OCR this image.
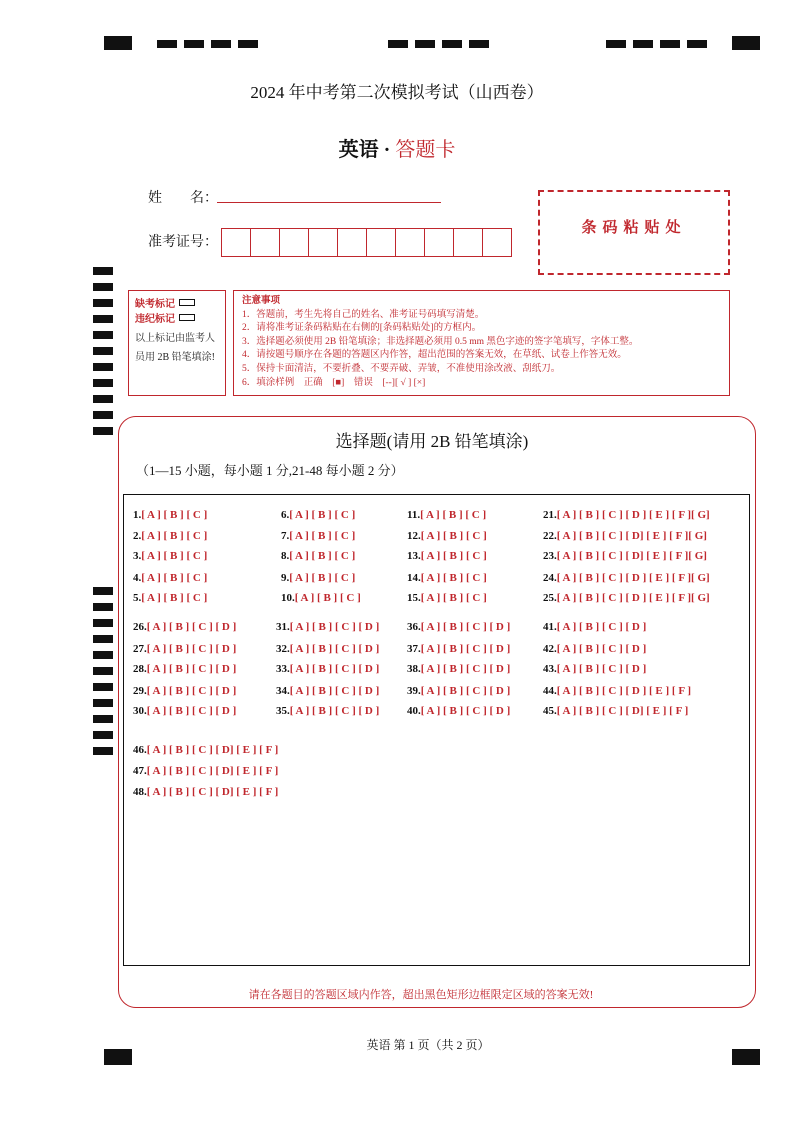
2024 年中考第二次模拟考试（山西卷）
英语 · 答题卡
姓　　名：
准考证号：
条码粘贴处
缺考标记
违纪标记
以上标记由监考人员用 2B 铅笔填涂!
注意事项
1．答题前，考生先将自己的姓名、准考证号码填写清楚。
2．请将准考证条码粘贴在右侧的[条码粘贴处]的方框内。
3．选择题必须使用 2B 铅笔填涂；非选择题必须用 0.5 mm 黑色字迹的签字笔填写，字体工整。
4．请按题号顺序在各题的答题区内作答，超出范围的答案无效，在草纸、试卷上作答无效。
5．保持卡面清洁，不要折叠、不要弄破、弄皱，不准使用涂改液、刮纸刀。
6．填涂样例　正确　[■]　错误　[--][ √ ] [×]
选择题(请用 2B 铅笔填涂)
（1—15 小题，每小题 1 分,21-48 每小题 2 分）
1.[ A ] [ B ] [ C ]
2.[ A ] [ B ] [ C ]
3.[ A ] [ B ] [ C ]
4.[ A ] [ B ] [ C ]
5.[ A ] [ B ] [ C ]
6.[ A ] [ B ] [ C ]
7.[ A ] [ B ] [ C ]
8.[ A ] [ B ] [ C ]
9.[ A ] [ B ] [ C ]
10.[ A ] [ B ] [ C ]
11.[ A ] [ B ] [ C ]
12.[ A ] [ B ] [ C ]
13.[ A ] [ B ] [ C ]
14.[ A ] [ B ] [ C ]
15.[ A ] [ B ] [ C ]
21.[ A ] [ B ] [ C ] [ D ] [ E ] [ F ][ G]
22.[ A ] [ B ] [ C ] [ D] [ E ] [ F ][ G]
23.[ A ] [ B ] [ C ] [ D] [ E ] [ F ][ G]
24.[ A ] [ B ] [ C ] [ D ] [ E ] [ F ][ G]
25.[ A ] [ B ] [ C ] [ D ] [ E ] [ F ][ G]
26.[ A ] [ B ] [ C ] [ D ]
27.[ A ] [ B ] [ C ] [ D ]
28.[ A ] [ B ] [ C ] [ D ]
29.[ A ] [ B ] [ C ] [ D ]
30.[ A ] [ B ] [ C ] [ D ]
31.[ A ] [ B ] [ C ] [ D ]
32.[ A ] [ B ] [ C ] [ D ]
33.[ A ] [ B ] [ C ] [ D ]
34.[ A ] [ B ] [ C ] [ D ]
35.[ A ] [ B ] [ C ] [ D ]
36.[ A ] [ B ] [ C ] [ D ]
37.[ A ] [ B ] [ C ] [ D ]
38.[ A ] [ B ] [ C ] [ D ]
39.[ A ] [ B ] [ C ] [ D ]
40.[ A ] [ B ] [ C ] [ D ]
41.[ A ] [ B ] [ C ] [ D ]
42.[ A ] [ B ] [ C ] [ D ]
43.[ A ] [ B ] [ C ] [ D ]
44.[ A ] [ B ] [ C ] [ D ] [ E ] [ F ]
45.[ A ] [ B ] [ C ] [ D] [ E ] [ F ]
46.[ A ] [ B ] [ C ] [ D] [ E ] [ F ]
47.[ A ] [ B ] [ C ] [ D] [ E ] [ F ]
48.[ A ] [ B ] [ C ] [ D] [ E ] [ F ]
请在各题目的答题区域内作答，超出黑色矩形边框限定区域的答案无效!
英语 第 1 页（共 2 页）
